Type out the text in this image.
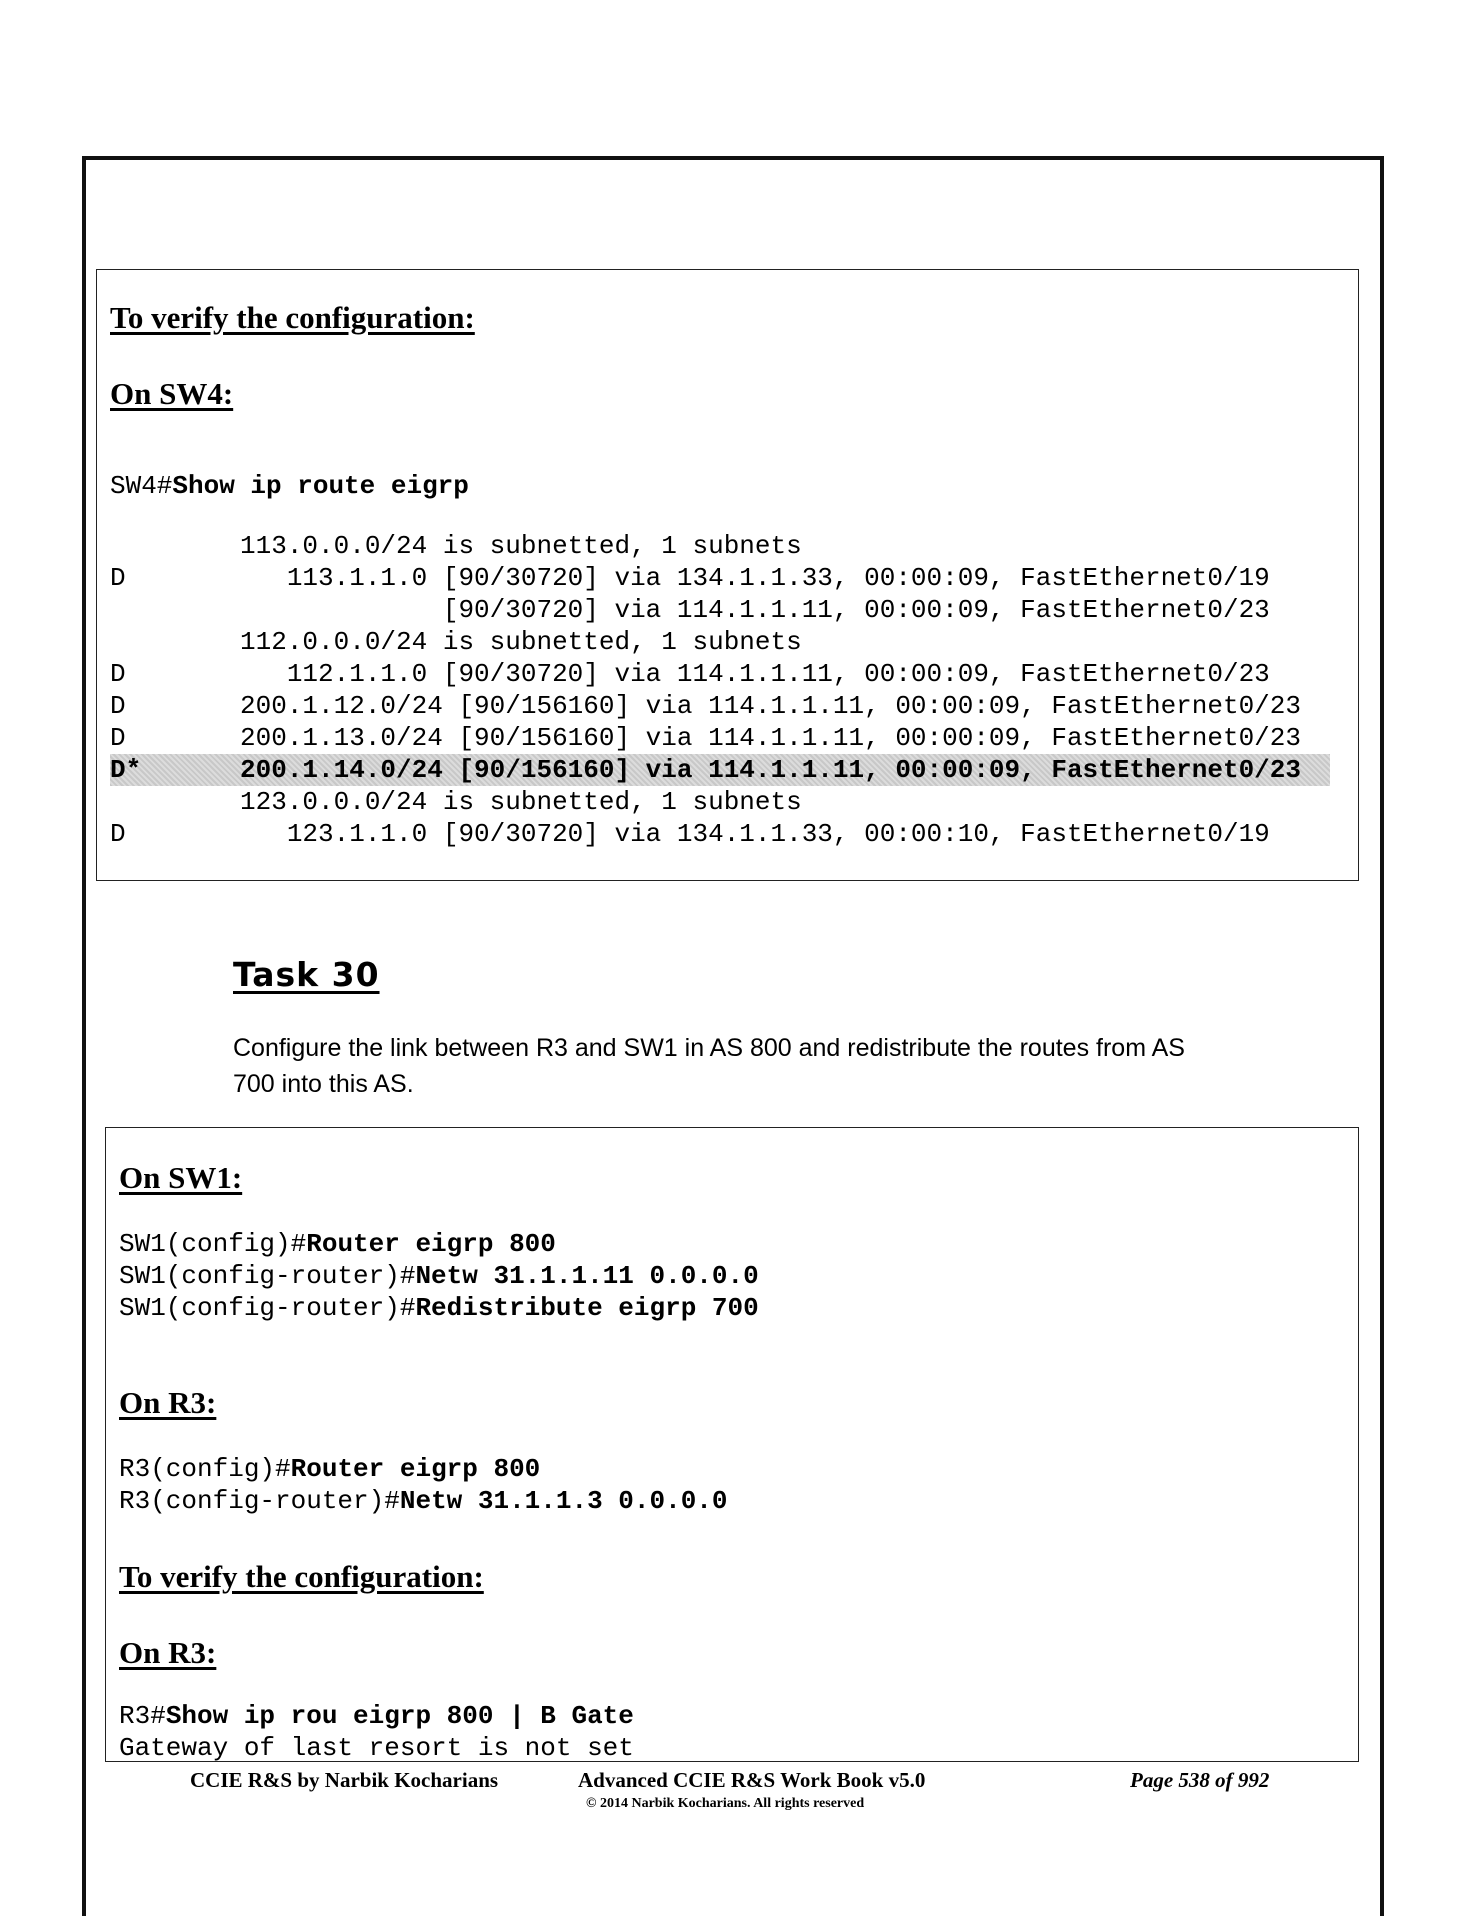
To verify the configuration:

On SW4:

SW4#Show ip route eigrp

113.0.0.0/24 is subnetted, 1 subnets
D 113.1.1.0 [90/30720] via 134.1.1.33, 00:00:09, FastEthernet0/19
[90/30720] via 114.1.1.11, 00:00:09, FastEthernet0/23
112.0.0.0/24 is subnetted, 1 subnets
D 112.1.1.0 [90/30720] via 114.1.1.11, 00:00:09, FastEthernet0/23
D 200.1.12.0/24 [90/156160] via 114.1.1.11, 00:00:09, FastEthernet0/23
D 200.1.13.0/24 [90/156160] via 114.1.1.11, 00:00:09, FastEthernet0/23
D* 200.1.14.0/24 [90/156160] via 114.1.1.11, 00:00:09, FastEthernet0/23
123.0.0.0/24 is subnetted, 1 subnets
D 123.1.1.0 [90/30720] via 134.1.1.33, 00:00:10, FastEthernet0/19

Task 30

Configure the link between R3 and SW1 in AS 800 and redistribute the routes from AS 700 into this AS.

On SW1:

SW1(config)#Router eigrp 800

SW1(config-router)#Netw 31.1.1.11 0.0.0.0

SW1(config-router)#Redistribute eigrp 700

On R3:

R3(config)#Router eigrp 800

R3(config-router)#Netw 31.1.1.3 0.0.0.0

To verify the configuration:

On R3:

R3#Show ip rou eigrp 800 | B Gate

Gateway of last resort is not set

CCIE R&S by Narbik Kocharians	Advanced CCIE R&S Work Book v5.0
© 2014 Narbik Kocharians. All rights reserved
Page 538 of 992
